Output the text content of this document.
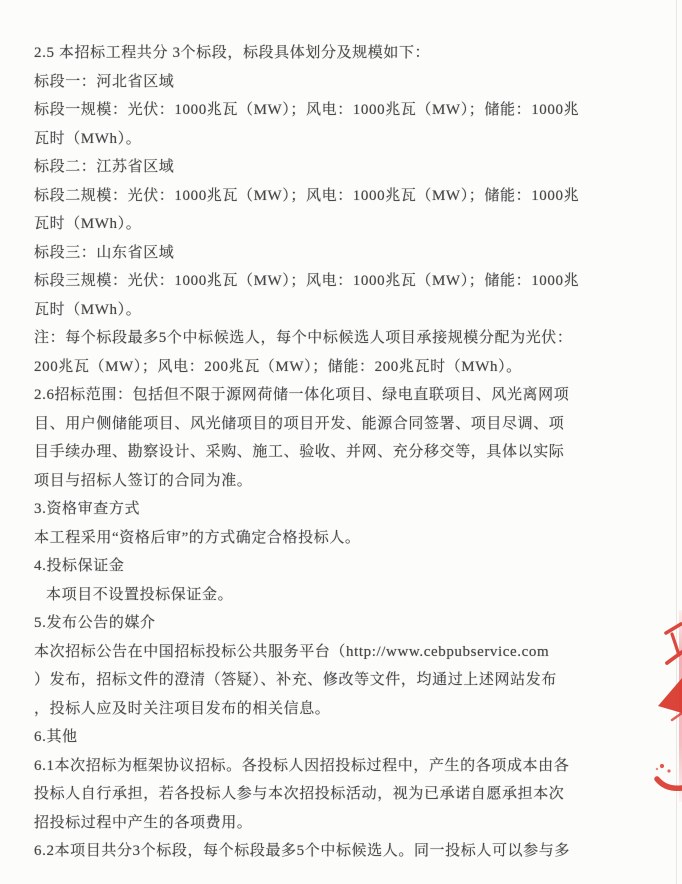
2.5 本招标工程共分 3个标段，标段具体划分及规模如下：
标段一：河北省区域
标段一规模：光伏：1000兆瓦（MW）；风电：1000兆瓦（MW）；储能：1000兆
瓦时（MWh）。
标段二：江苏省区域
标段二规模：光伏：1000兆瓦（MW）；风电：1000兆瓦（MW）；储能：1000兆
瓦时（MWh）。
标段三：山东省区域
标段三规模：光伏：1000兆瓦（MW）；风电：1000兆瓦（MW）；储能：1000兆
瓦时（MWh）。
注：每个标段最多5个中标候选人，每个中标候选人项目承接规模分配为光伏：
200兆瓦（MW）；风电：200兆瓦（MW）；储能：200兆瓦时（MWh）。
2.6招标范围：包括但不限于源网荷储一体化项目、绿电直联项目、风光离网项
目、用户侧储能项目、风光储项目的项目开发、能源合同签署、项目尽调、项
目手续办理、勘察设计、采购、施工、验收、并网、充分移交等，具体以实际
项目与招标人签订的合同为准。
3.资格审查方式
本工程采用“资格后审”的方式确定合格投标人。
4.投标保证金
本项目不设置投标保证金。
5.发布公告的媒介
本次招标公告在中国招标投标公共服务平台（http://www.cebpubservice.com
）发布，招标文件的澄清（答疑）、补充、修改等文件，均通过上述网站发布
，投标人应及时关注项目发布的相关信息。
6.其他
6.1本次招标为框架协议招标。各投标人因招投标过程中，产生的各项成本由各
投标人自行承担，若各投标人参与本次招投标活动，视为已承诺自愿承担本次
招投标过程中产生的各项费用。
6.2本项目共分3个标段，每个标段最多5个中标候选人。同一投标人可以参与多
